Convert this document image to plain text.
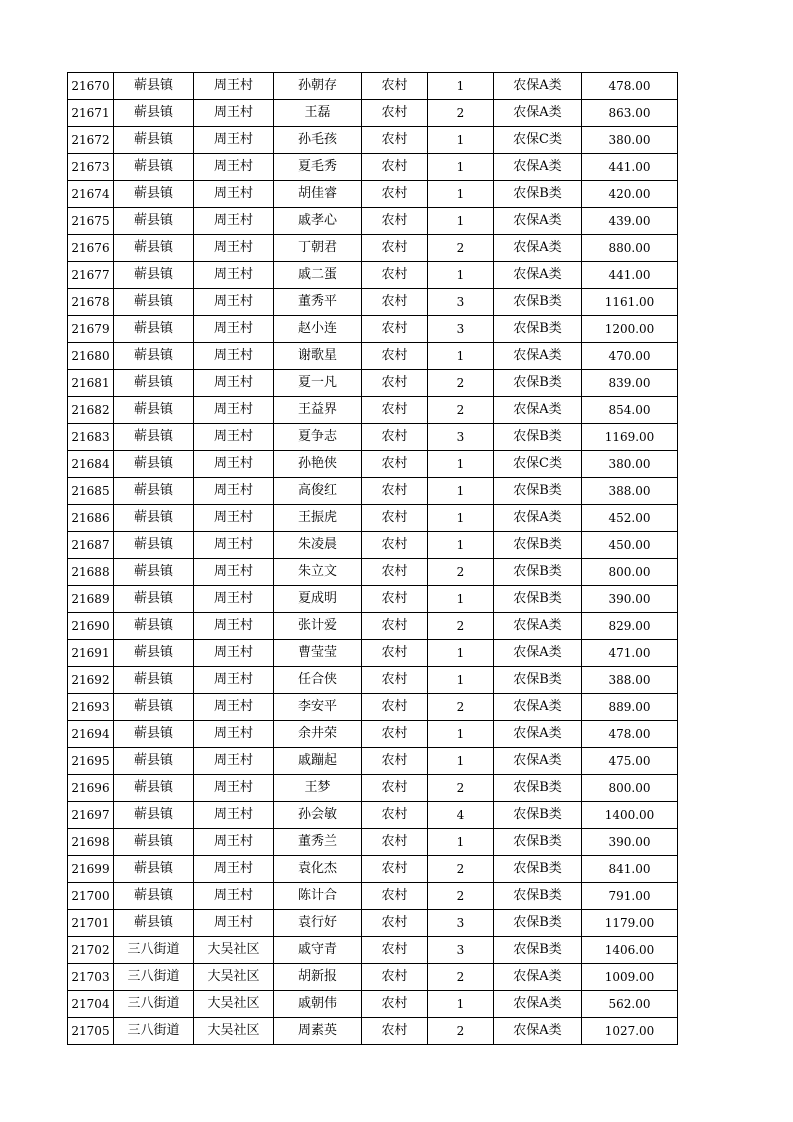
21670	蕲县镇	周王村	孙朝存	农村	1	农保A类	478.00
21671	蕲县镇	周王村	王磊	农村	2	农保A类	863.00
21672	蕲县镇	周王村	孙毛孩	农村	1	农保C类	380.00
21673	蕲县镇	周王村	夏毛秀	农村	1	农保A类	441.00
21674	蕲县镇	周王村	胡佳睿	农村	1	农保B类	420.00
21675	蕲县镇	周王村	戚孝心	农村	1	农保A类	439.00
21676	蕲县镇	周王村	丁朝君	农村	2	农保A类	880.00
21677	蕲县镇	周王村	戚二蛋	农村	1	农保A类	441.00
21678	蕲县镇	周王村	董秀平	农村	3	农保B类	1161.00
21679	蕲县镇	周王村	赵小连	农村	3	农保B类	1200.00
21680	蕲县镇	周王村	谢歌星	农村	1	农保A类	470.00
21681	蕲县镇	周王村	夏一凡	农村	2	农保B类	839.00
21682	蕲县镇	周王村	王益界	农村	2	农保A类	854.00
21683	蕲县镇	周王村	夏争志	农村	3	农保B类	1169.00
21684	蕲县镇	周王村	孙艳侠	农村	1	农保C类	380.00
21685	蕲县镇	周王村	高俊红	农村	1	农保B类	388.00
21686	蕲县镇	周王村	王振虎	农村	1	农保A类	452.00
21687	蕲县镇	周王村	朱凌晨	农村	1	农保B类	450.00
21688	蕲县镇	周王村	朱立文	农村	2	农保B类	800.00
21689	蕲县镇	周王村	夏成明	农村	1	农保B类	390.00
21690	蕲县镇	周王村	张计爱	农村	2	农保A类	829.00
21691	蕲县镇	周王村	曹莹莹	农村	1	农保A类	471.00
21692	蕲县镇	周王村	任合侠	农村	1	农保B类	388.00
21693	蕲县镇	周王村	李安平	农村	2	农保A类	889.00
21694	蕲县镇	周王村	余井荣	农村	1	农保A类	478.00
21695	蕲县镇	周王村	戚蹦起	农村	1	农保A类	475.00
21696	蕲县镇	周王村	王梦	农村	2	农保B类	800.00
21697	蕲县镇	周王村	孙会敏	农村	4	农保B类	1400.00
21698	蕲县镇	周王村	董秀兰	农村	1	农保B类	390.00
21699	蕲县镇	周王村	袁化杰	农村	2	农保B类	841.00
21700	蕲县镇	周王村	陈计合	农村	2	农保B类	791.00
21701	蕲县镇	周王村	袁行好	农村	3	农保B类	1179.00
21702	三八街道	大吴社区	戚守青	农村	3	农保B类	1406.00
21703	三八街道	大吴社区	胡新报	农村	2	农保A类	1009.00
21704	三八街道	大吴社区	戚朝伟	农村	1	农保A类	562.00
21705	三八街道	大吴社区	周素英	农村	2	农保A类	1027.00
